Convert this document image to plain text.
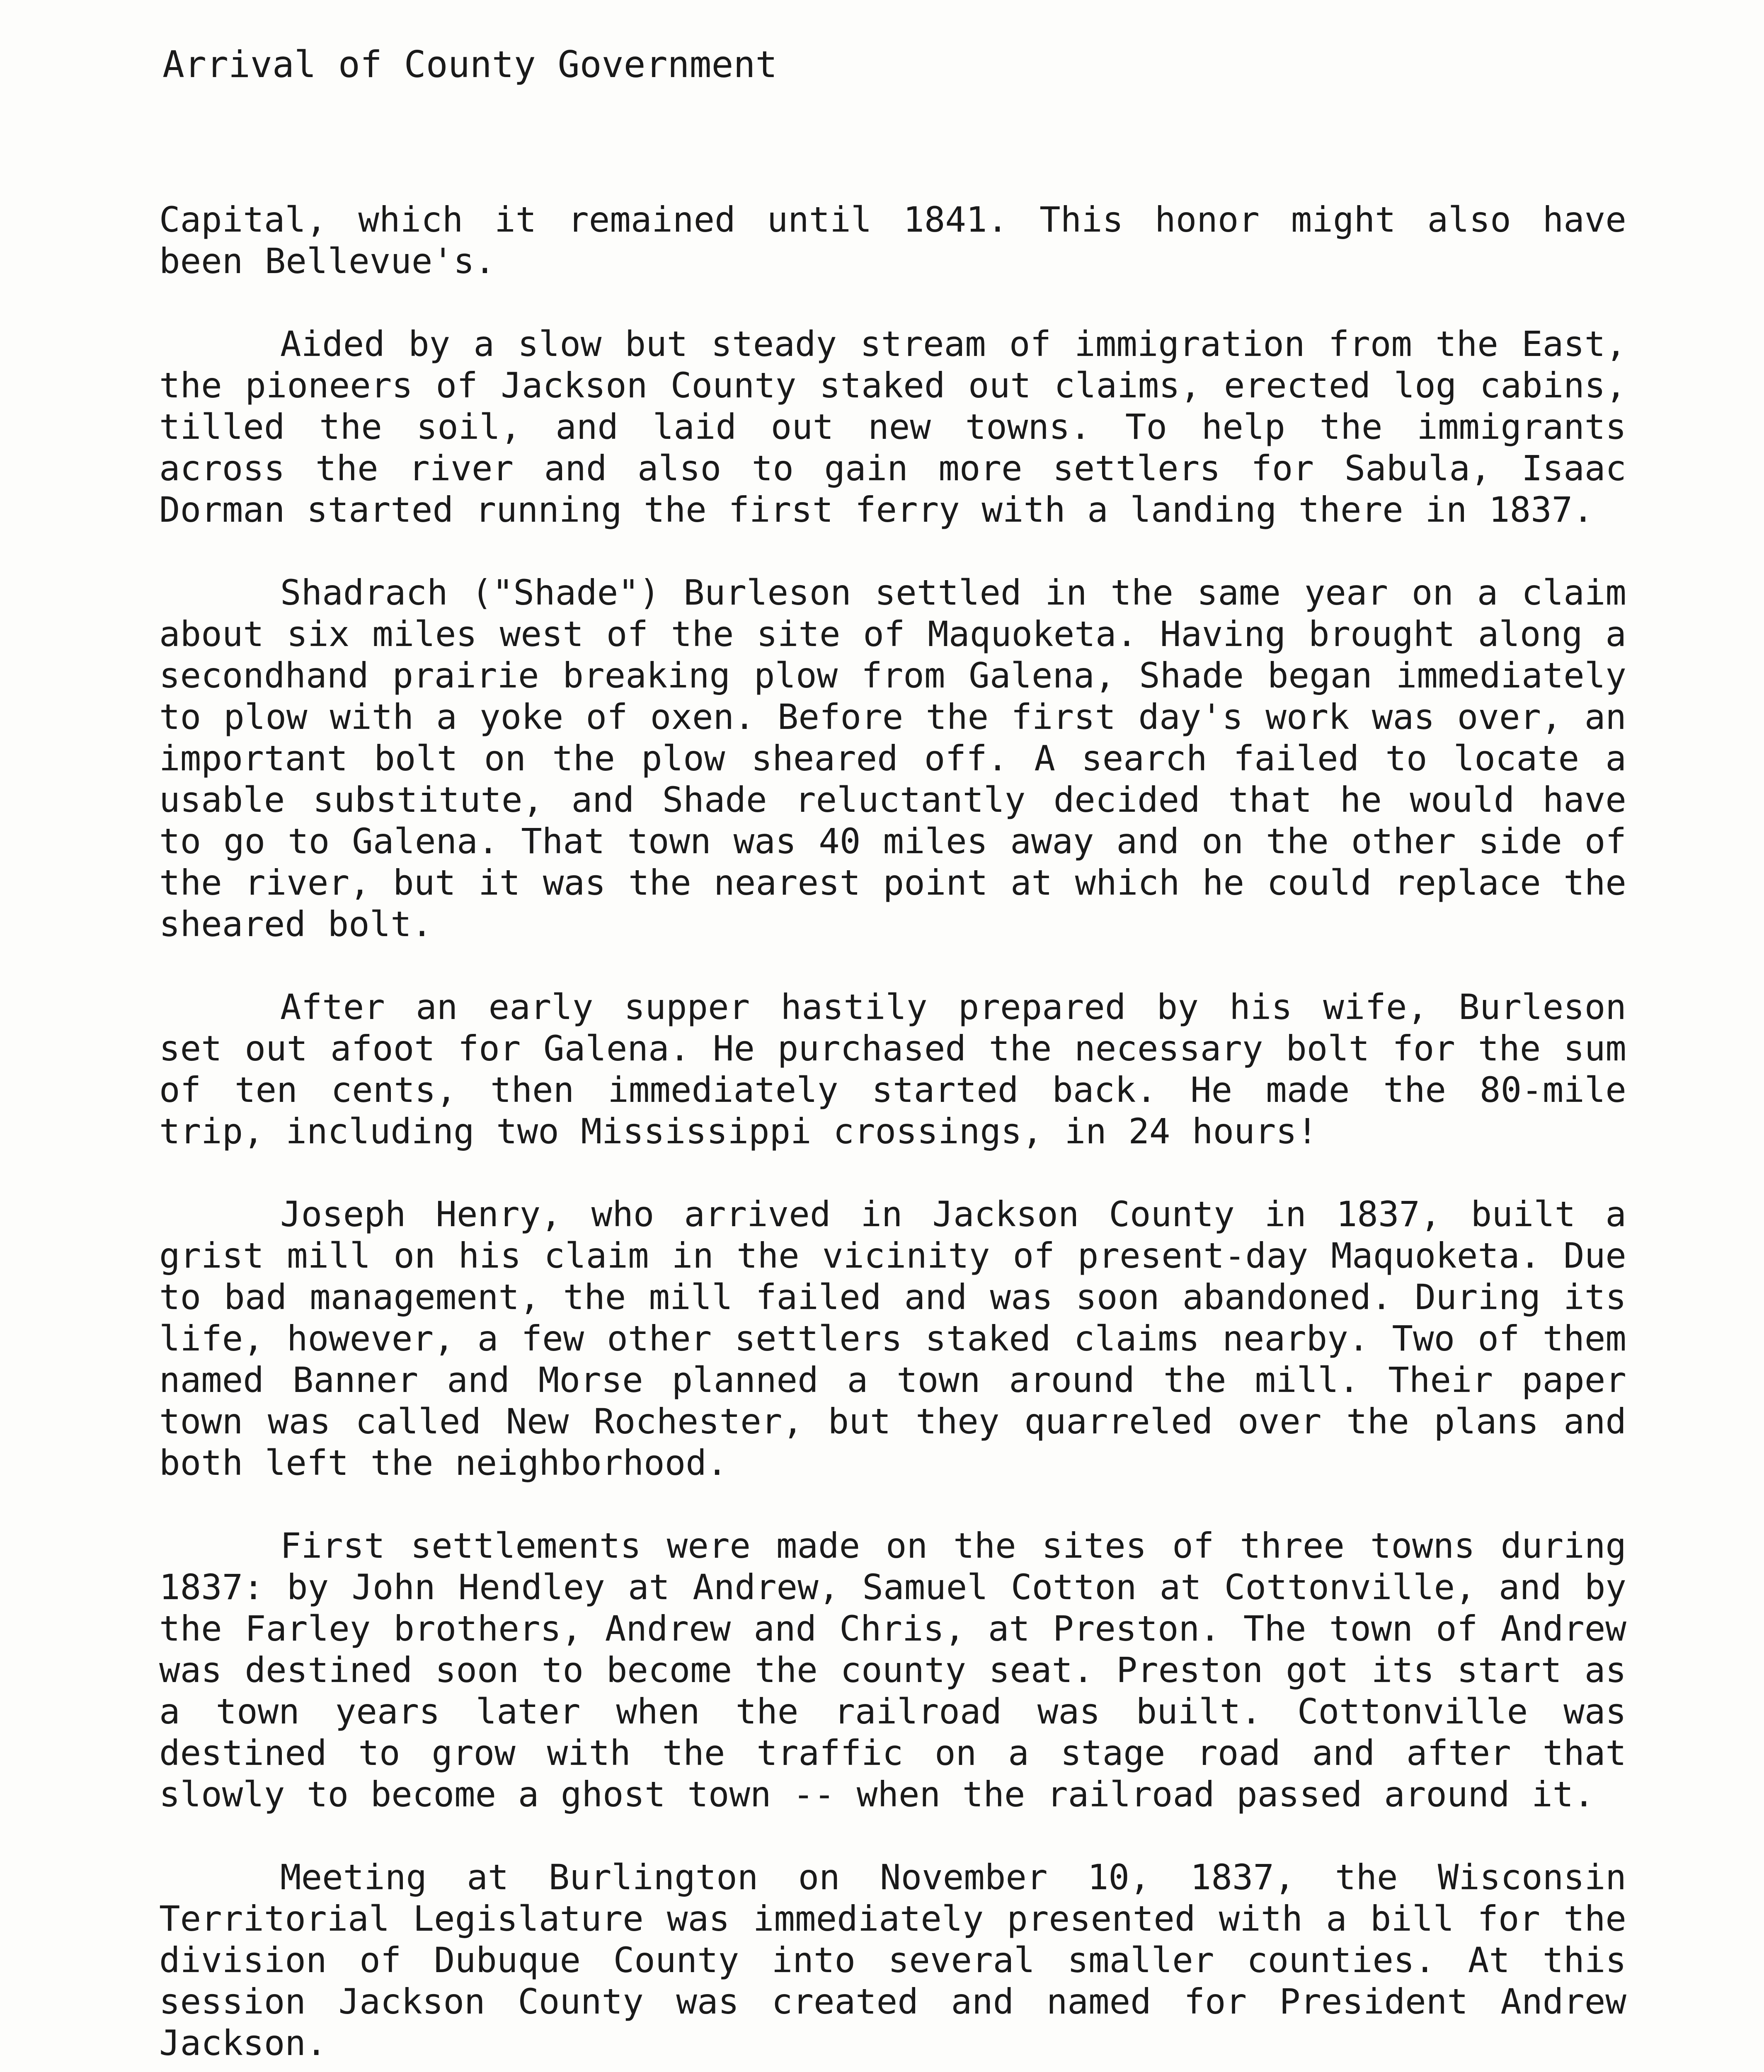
Arrival of County Government

Capital, which it remained until 1841. This honor might also have been Bellevue's.

Aided by a slow but steady stream of immigration from the East, the pioneers of Jackson County staked out claims, erected log cabins, tilled the soil, and laid out new towns. To help the immigrants across the river and also to gain more settlers for Sabula, Isaac Dorman started running the first ferry with a landing there in 1837.

Shadrach ("Shade") Burleson settled in the same year on a claim about six miles west of the site of Maquoketa. Having brought along a secondhand prairie breaking plow from Galena, Shade began immediately to plow with a yoke of oxen. Before the first day's work was over, an important bolt on the plow sheared off. A search failed to locate a usable substitute, and Shade reluctantly decided that he would have to go to Galena. That town was 40 miles away and on the other side of the river, but it was the nearest point at which he could replace the sheared bolt.

After an early supper hastily prepared by his wife, Burleson set out afoot for Galena. He purchased the necessary bolt for the sum of ten cents, then immediately started back. He made the 80-mile trip, including two Mississippi crossings, in 24 hours!

Joseph Henry, who arrived in Jackson County in 1837, built a grist mill on his claim in the vicinity of present-day Maquoketa. Due to bad management, the mill failed and was soon abandoned. During its life, however, a few other settlers staked claims nearby. Two of them named Banner and Morse planned a town around the mill. Their paper town was called New Rochester, but they quarreled over the plans and both left the neighborhood.

First settlements were made on the sites of three towns during 1837: by John Hendley at Andrew, Samuel Cotton at Cottonville, and by the Farley brothers, Andrew and Chris, at Preston. The town of Andrew was destined soon to become the county seat. Preston got its start as a town years later when the railroad was built. Cottonville was destined to grow with the traffic on a stage road and after that slowly to become a ghost town -- when the railroad passed around it.

Meeting at Burlington on November 10, 1837, the Wisconsin Territorial Legislature was immediately presented with a bill for the division of Dubuque County into several smaller counties. At this session Jackson County was created and named for President Andrew Jackson.
